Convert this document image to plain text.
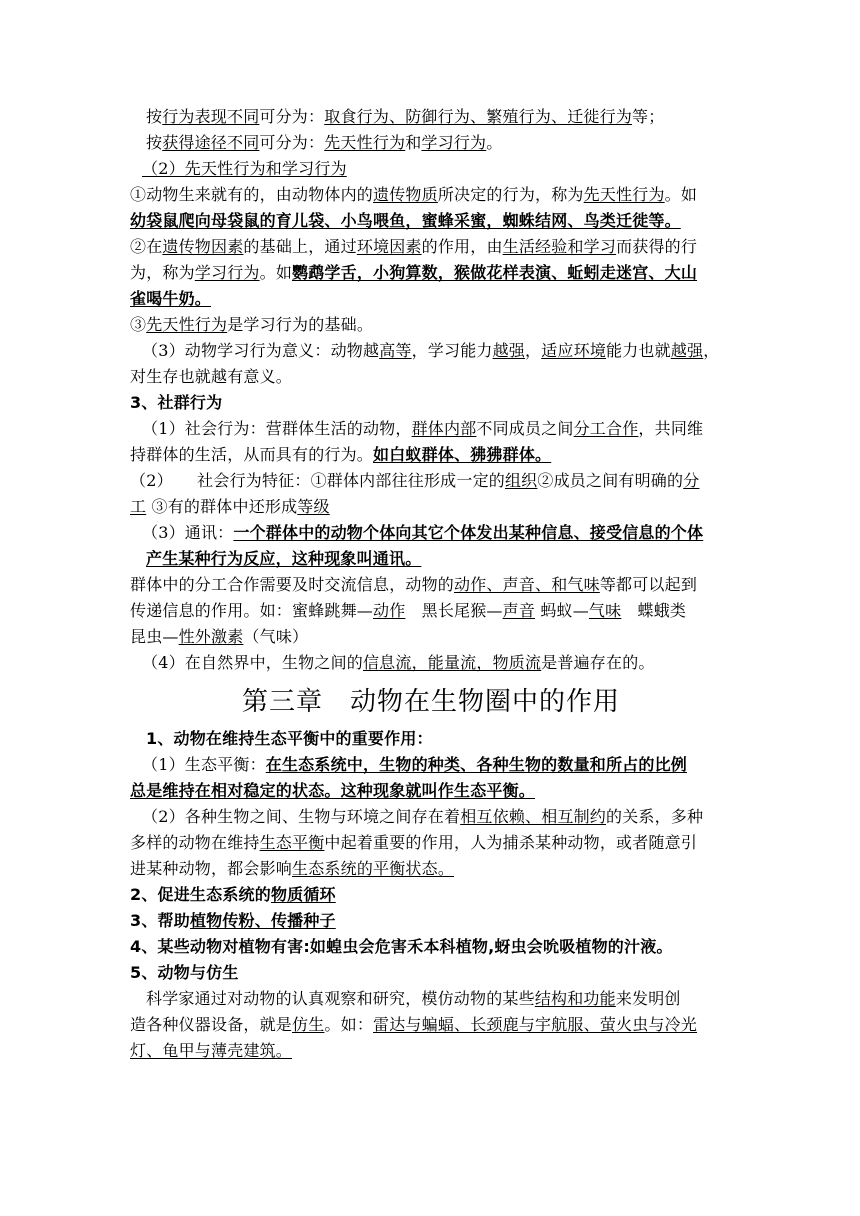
按行为表现不同可分为：取食行为、防御行为、繁殖行为、迁徙行为等；
按获得途径不同可分为：先天性行为和学习行为。
（2）先天性行为和学习行为
①动物生来就有的，由动物体内的遗传物质所决定的行为，称为先天性行为。如
幼袋鼠爬向母袋鼠的育儿袋、小鸟喂鱼，蜜蜂采蜜，蜘蛛结网、鸟类迁徙等。
②在遗传物因素的基础上，通过环境因素的作用，由生活经验和学习而获得的行
为，称为学习行为。如鹦鹉学舌，小狗算数，猴做花样表演、蚯蚓走迷宫、大山
雀喝牛奶。
③先天性行为是学习行为的基础。
（3）动物学习行为意义：动物越高等，学习能力越强，适应环境能力也就越强，
对生存也就越有意义。
3、社群行为
（1）社会行为：营群体生活的动物，群体内部不同成员之间分工合作，共同维
持群体的生活，从而具有的行为。如白蚁群体、狒狒群体。
（2）　　社会行为特征：①群体内部往往形成一定的组织②成员之间有明确的分
工 ③有的群体中还形成等级
（3）通讯：一个群体中的动物个体向其它个体发出某种信息、接受信息的个体
产生某种行为反应，这种现象叫通讯。
群体中的分工合作需要及时交流信息，动物的动作、声音、和气味等都可以起到
传递信息的作用。如：蜜蜂跳舞—动作　黑长尾猴—声音 蚂蚁—气味　蝶蛾类
昆虫—性外激素（气味）
（4）在自然界中，生物之间的信息流，能量流，物质流是普遍存在的。
第三章　动物在生物圈中的作用
1、动物在维持生态平衡中的重要作用：
（1）生态平衡：在生态系统中，生物的种类、各种生物的数量和所占的比例
总是维持在相对稳定的状态。这种现象就叫作生态平衡。
（2）各种生物之间、生物与环境之间存在着相互依赖、相互制约的关系，多种
多样的动物在维持生态平衡中起着重要的作用，人为捕杀某种动物，或者随意引
进某种动物，都会影响生态系统的平衡状态。
2、促进生态系统的物质循环
3、帮助植物传粉、传播种子
4、某些动物对植物有害:如蝗虫会危害禾本科植物,蚜虫会吮吸植物的汁液。
5、动物与仿生
科学家通过对动物的认真观察和研究，模仿动物的某些结构和功能来发明创
造各种仪器设备，就是仿生。如：雷达与蝙蝠、长颈鹿与宇航服、萤火虫与冷光
灯、龟甲与薄壳建筑。
